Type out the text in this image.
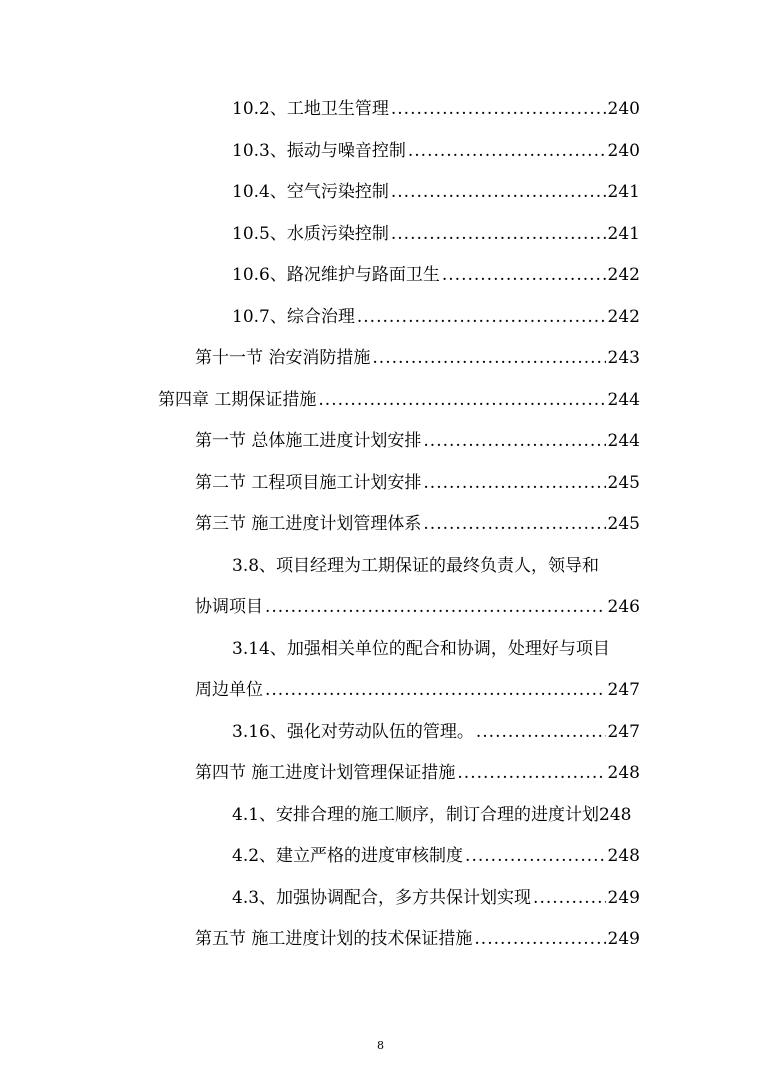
10.2、工地卫生管理 .....	240
10.3、振动与噪音控制 .....	240
10.4、空气污染控制 .....	241
10.5、水质污染控制 .....	241
10.6、路况维护与路面卫生 .....	242
10.7、综合治理 .....	242
第十一节 治安消防措施 .....	243
第四章 工期保证措施 .....	244
第一节 总体施工进度计划安排 .....	244
第二节 工程项目施工计划安排 .....	245
第三节 施工进度计划管理体系 .....	245
3.8、项目经理为工期保证的最终负责人，领导和
协调项目 .....	246
3.14、加强相关单位的配合和协调，处理好与项目
周边单位 .....	247
3.16、强化对劳动队伍的管理。 .....	247
第四节 施工进度计划管理保证措施 .....	248
4.1、安排合理的施工顺序，制订合理的进度计划248
4.2、建立严格的进度审核制度 .....	248
4.3、加强协调配合，多方共保计划实现 .....	249
第五节 施工进度计划的技术保证措施 .....	249
8
